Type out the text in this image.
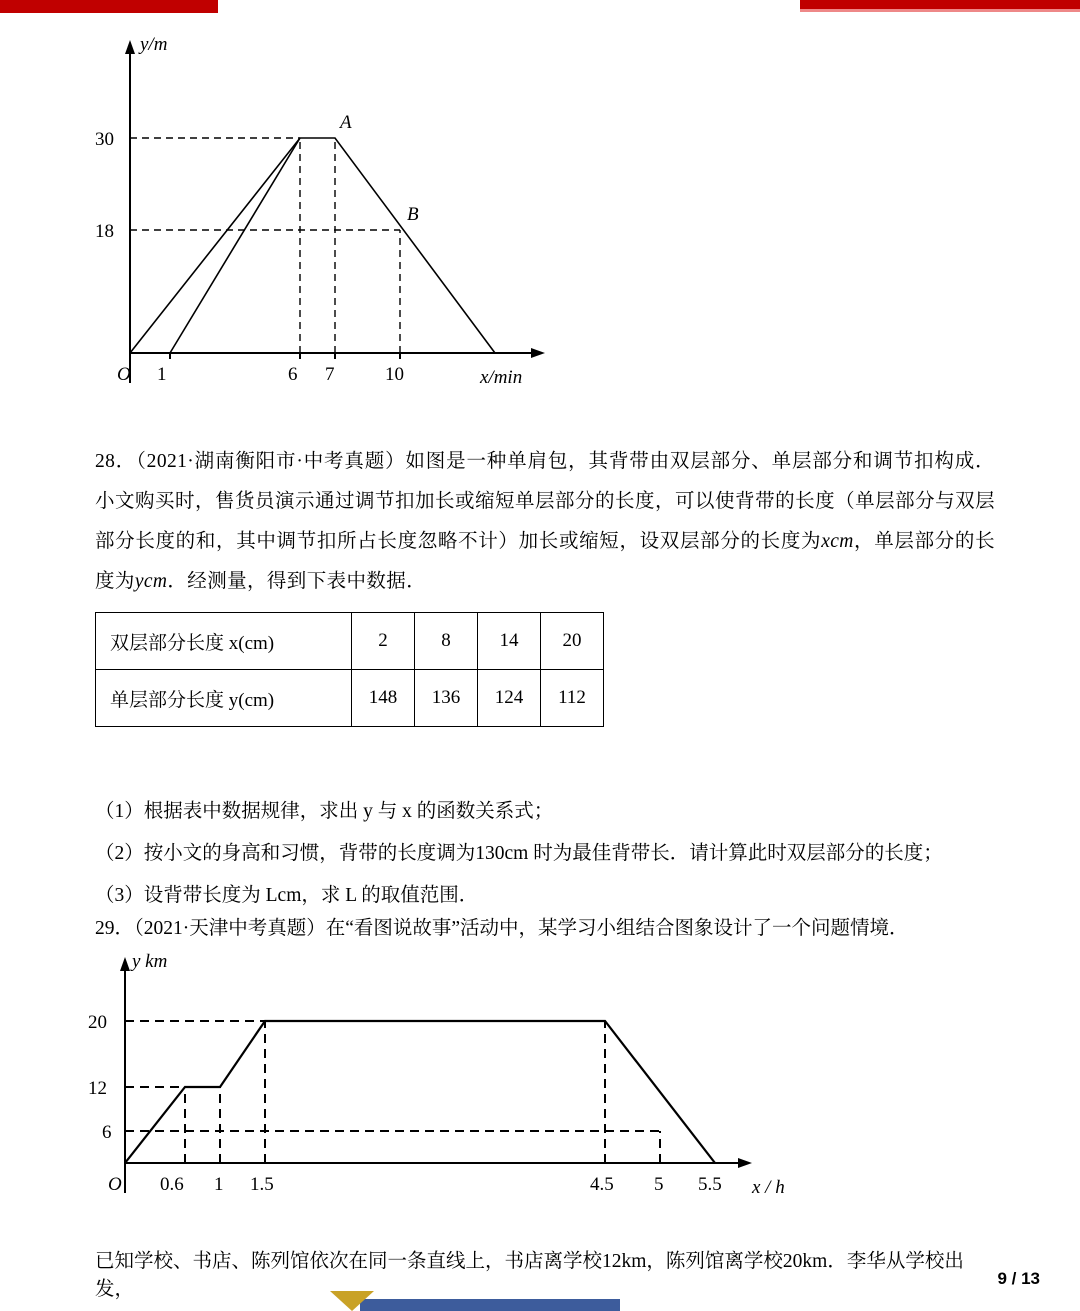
30
18
y/m
x/min
O 1	6 7	10
A
B
28．（2021·湖南衡阳市·中考真题）如图是一种单肩包，其背带由双层部分、单层部分和调节扣构成．小文购买时，售货员演示通过调节扣加长或缩短单层部分的长度，可以使背带的长度（单层部分与双层部分长度的和，其中调节扣所占长度忽略不计）加长或缩短，设双层部分的长度为xcm，单层部分的长度为ycm．经测量，得到下表中数据．
双层部分长度 x(cm)	2	8	14	20
单层部分长度 y(cm)	148	136	124	112
（1）根据表中数据规律，求出 y 与 x 的函数关系式；
（2）按小文的身高和习惯，背带的长度调为130cm 时为最佳背带长．请计算此时双层部分的长度；
（3）设背带长度为 Lcm，求 L 的取值范围．
29．（2021·天津中考真题）在“看图说故事”活动中，某学习小组结合图象设计了一个问题情境．
20
12
6
y km
x / h
O 0.6 1 1.5	4.5 5 5.5
已知学校、书店、陈列馆依次在同一条直线上，书店离学校12km，陈列馆离学校20km．李华从学校出发，
9 / 13
